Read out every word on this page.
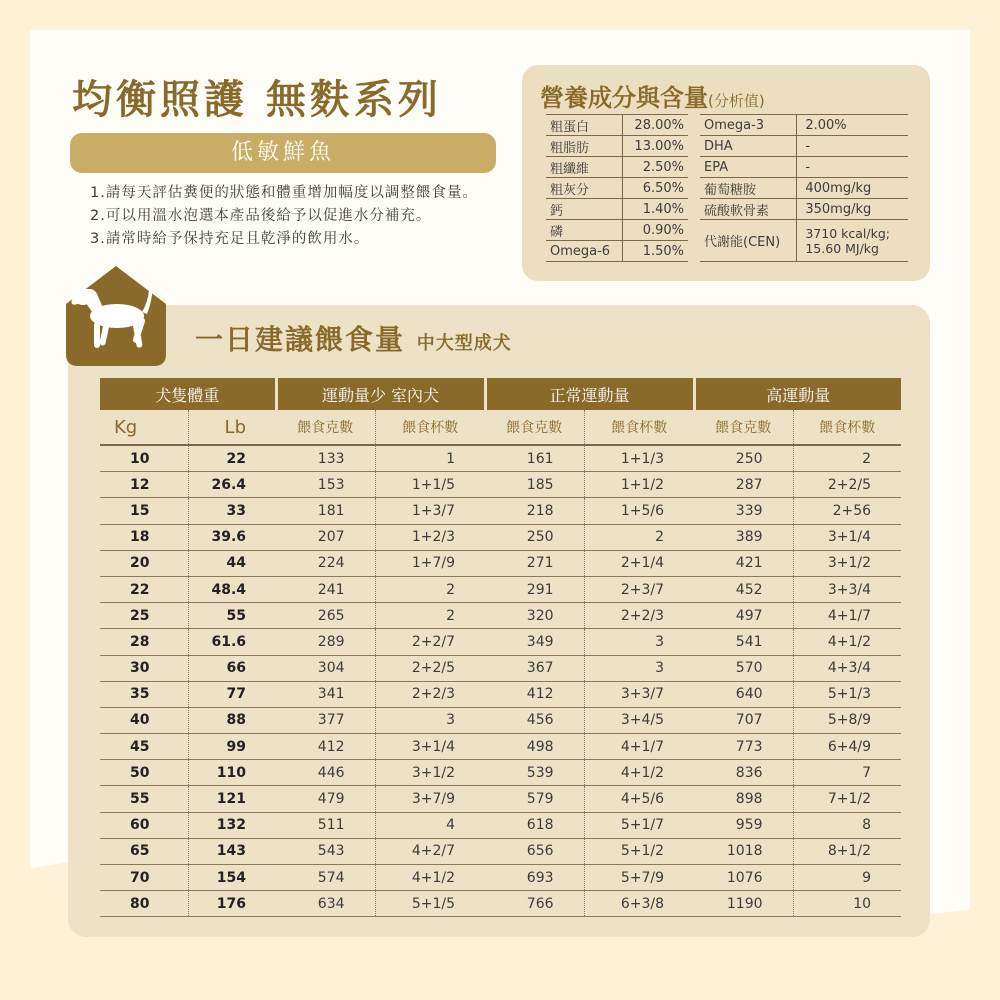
均衡照護 無麩系列
低敏鮮魚
1.請每天評估糞便的狀態和體重增加幅度以調整餵食量。
2.可以用溫水泡選本產品後給予以促進水分補充。
3.請常時給予保持充足且乾淨的飲用水。
營養成分與含量(分析值)
粗蛋白	28.00%
粗脂肪	13.00%
粗纖維	2.50%
粗灰分	6.50%
鈣	1.40%
磷	0.90%
Omega-6	1.50%
Omega-3	2.00%
DHA	-
EPA	-
葡萄糖胺	400mg/kg
硫酸軟骨素	350mg/kg
代謝能(CEN)	3710 kcal/kg;
15.60 MJ/kg
一日建議餵食量 中大型成犬
犬隻體重		運動量少 室內犬		正常運動量		高運動量	
Kg	Lb	餵食克數	餵食杯數	餵食克數	餵食杯數	餵食克數	餵食杯數
10	22	133	1	161	1+1/3	250	2
12	26.4	153	1+1/5	185	1+1/2	287	2+2/5
15	33	181	1+3/7	218	1+5/6	339	2+56
18	39.6	207	1+2/3	250	2	389	3+1/4
20	44	224	1+7/9	271	2+1/4	421	3+1/2
22	48.4	241	2	291	2+3/7	452	3+3/4
25	55	265	2	320	2+2/3	497	4+1/7
28	61.6	289	2+2/7	349	3	541	4+1/2
30	66	304	2+2/5	367	3	570	4+3/4
35	77	341	2+2/3	412	3+3/7	640	5+1/3
40	88	377	3	456	3+4/5	707	5+8/9
45	99	412	3+1/4	498	4+1/7	773	6+4/9
50	110	446	3+1/2	539	4+1/2	836	7
55	121	479	3+7/9	579	4+5/6	898	7+1/2
60	132	511	4	618	5+1/7	959	8
65	143	543	4+2/7	656	5+1/2	1018	8+1/2
70	154	574	4+1/2	693	5+7/9	1076	9
80	176	634	5+1/5	766	6+3/8	1190	10
